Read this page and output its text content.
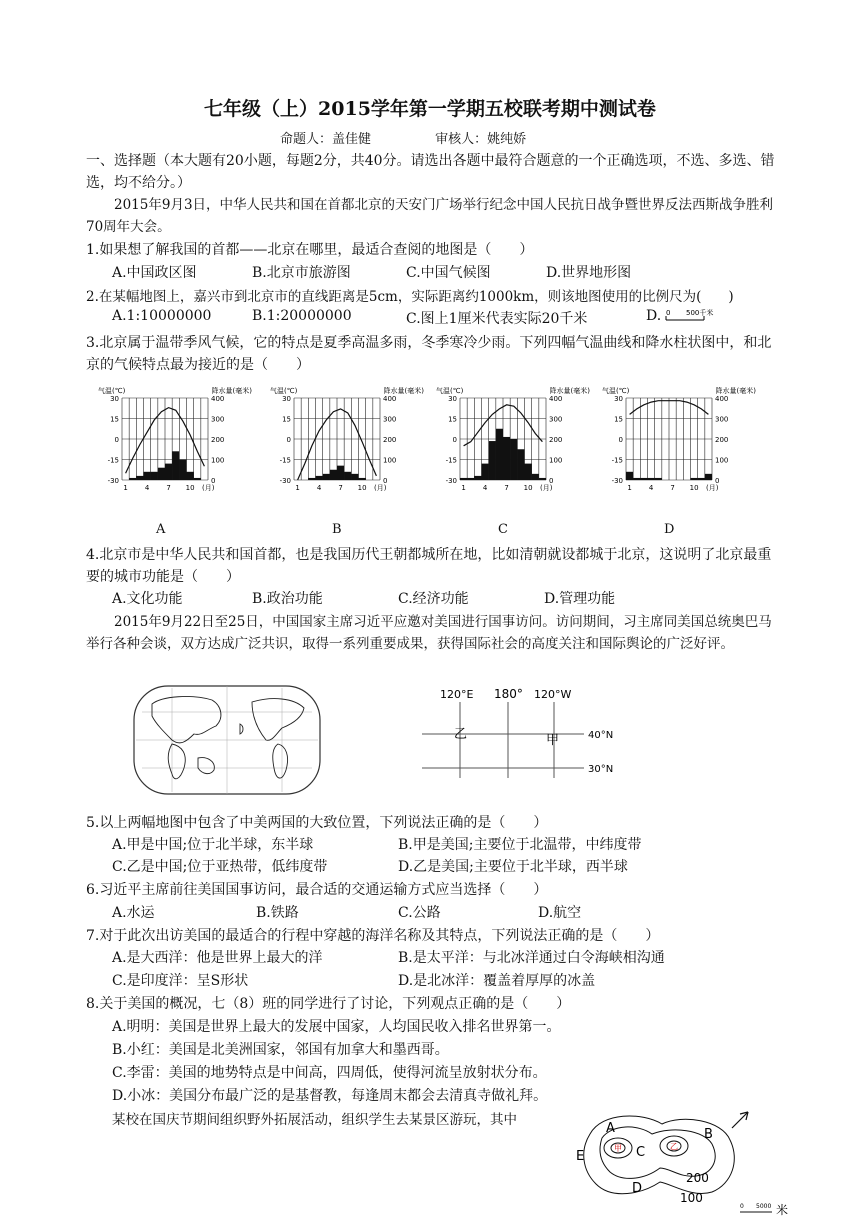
七年级（上）2015学年第一学期五校联考期中测试卷
命题人：盖佳健	审核人：姚纯娇
一、选择题（本大题有20小题，每题2分，共40分。请选出各题中最符合题意的一个正确选项，不选、多选、错选，均不给分。）
2015年9月3日，中华人民共和国在首都北京的天安门广场举行纪念中国人民抗日战争暨世界反法西斯战争胜利70周年大会。
1.如果想了解我国的首都——北京在哪里，最适合查阅的地图是（　　）
A.中国政区图	B.北京市旅游图	C.中国气候图	D.世界地形图
2.在某幅地图上，嘉兴市到北京市的直线距离是5cm，实际距离约1000km，则该地图使用的比例尺为(　　)
A.1:10000000	B.1:20000000	C.图上1厘米代表实际20千米	D. 0 500千米
3.北京属于温带季风气候，它的特点是夏季高温多雨，冬季寒冷少雨。下列四幅气温曲线和降水柱状图中，和北京的气候特点最为接近的是（　　）
气温(℃)	降水量(毫米)
30	400
15	300
0	200
-15	100
-30	0
1 4 7 10 (月)
气温(℃)	降水量(毫米)
30	400
15	300
0	200
-15	100
-30	0
1 4 7 10 (月)
气温(℃)	降水量(毫米)
30	400
15	300
0	200
-15	100
-30	0
1 4 7 10 (月)
气温(℃)	降水量(毫米)
30	400
15	300
0	200
-15	100
-30	0
1 4 7 10 (月)
A	B	C	D
4.北京市是中华人民共和国首都，也是我国历代王朝都城所在地，比如清朝就设都城于北京，这说明了北京最重要的城市功能是（　　）
A.文化功能	B.政治功能	C.经济功能	D.管理功能
2015年9月22日至25日，中国国家主席习近平应邀对美国进行国事访问。访问期间，习主席同美国总统奥巴马举行各种会谈，双方达成广泛共识，取得一系列重要成果，获得国际社会的高度关注和国际舆论的广泛好评。
120°E 180° 120°W
40°N
30°N
乙	甲
5.以上两幅地图中包含了中美两国的大致位置，下列说法正确的是（　　）
A.甲是中国;位于北半球，东半球	B.甲是美国;主要位于北温带，中纬度带
C.乙是中国;位于亚热带，低纬度带	D.乙是美国;主要位于北半球，西半球
6.习近平主席前往美国国事访问，最合适的交通运输方式应当选择（　　）
A.水运	B.铁路	C.公路	D.航空
7.对于此次出访美国的最适合的行程中穿越的海洋名称及其特点，下列说法正确的是（　　）
A.是大西洋：他是世界上最大的洋	B.是太平洋：与北冰洋通过白令海峡相沟通
C.是印度洋：呈S形状	D.是北冰洋：覆盖着厚厚的冰盖
8.关于美国的概况，七（8）班的同学进行了讨论，下列观点正确的是（　　）
A.明明：美国是世界上最大的发展中国家，人均国民收入排名世界第一。
B.小红：美国是北美洲国家，邻国有加拿大和墨西哥。
C.李雷：美国的地势特点是中间高，四周低，使得河流呈放射状分布。
D.小冰：美国分布最广泛的是基督教，每逢周末都会去清真寺做礼拜。
某校在国庆节期间组织野外拓展活动，组织学生去某景区游玩，其中
A	B
C
D
E
甲	乙
200
100
0 5000 米
